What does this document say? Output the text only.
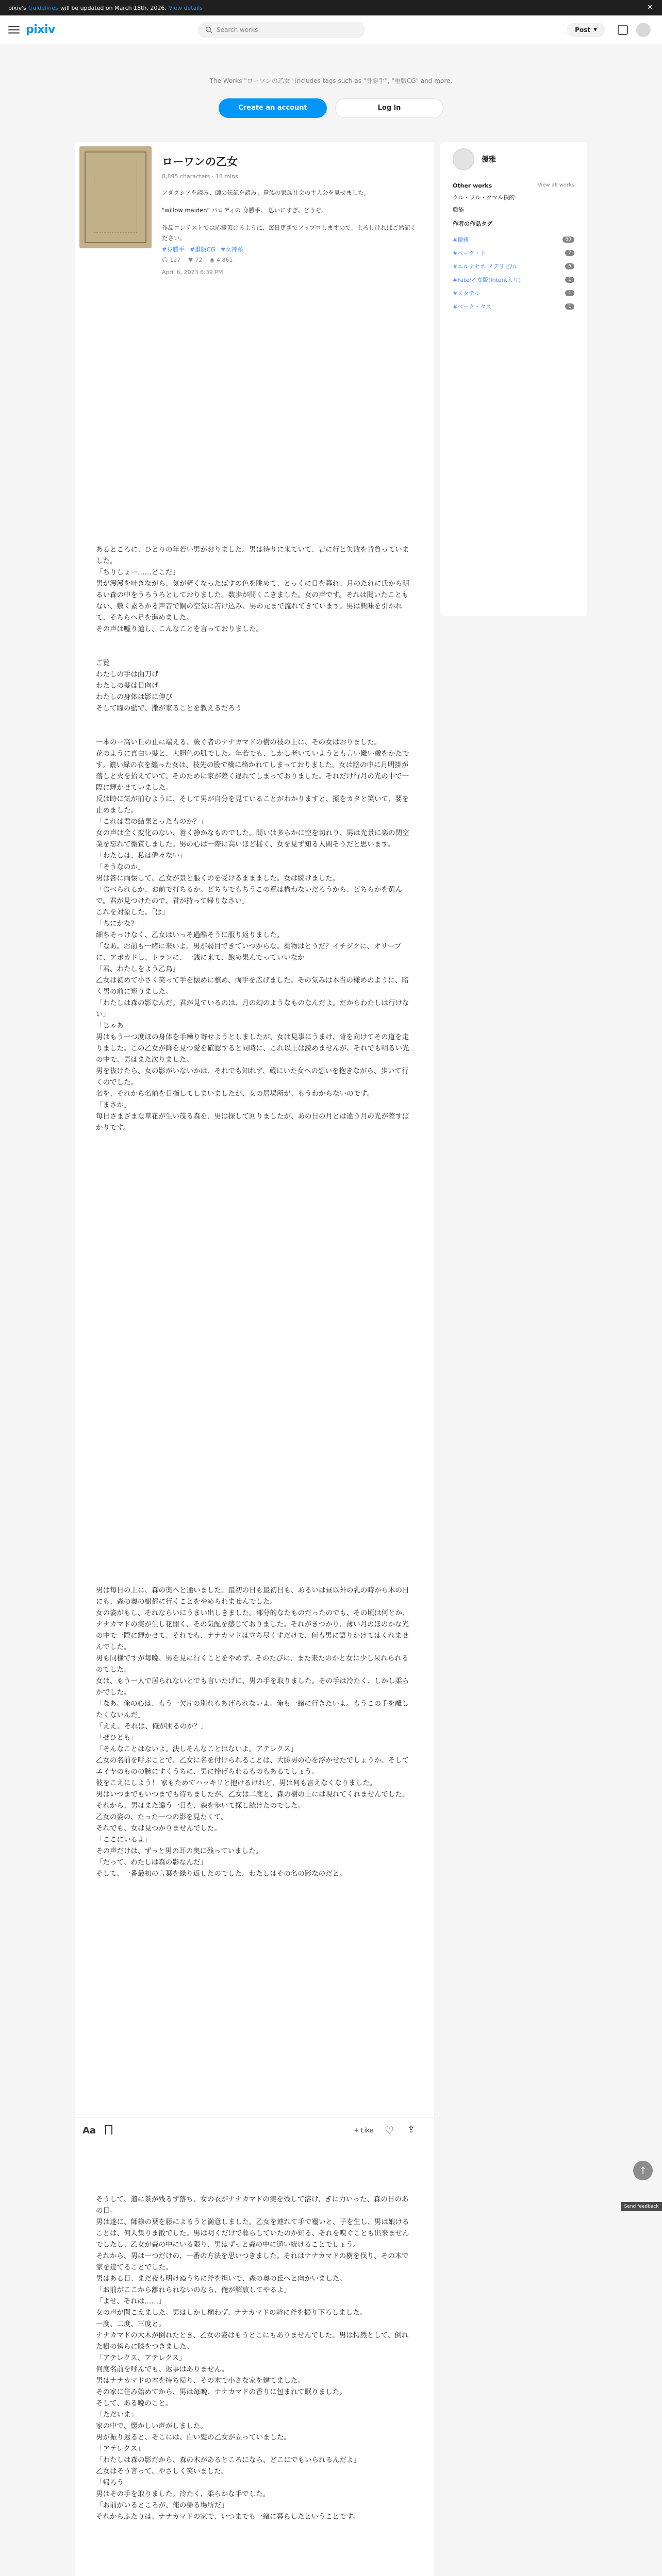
pixiv's Guidelines will be updated on March 18th, 2026. View details	✕
pixiv	Search works	Post ▼
The Works "ローワンの乙女" includes tags such as "身勝手", "重版CG" and more.
Create an account	Log in
ローワンの乙女
8,895 characters · 18 mins

アダクシアを読み、師の伝記を読み、貴族の家族社会の主人公を見せました。

"willow maiden" パロディの 身勝手。 思いにすぎ。どうぞ。

作品コンテストでは応援頂けるように、毎日更新でアップロしますので、よろしければご然記ください。

#身勝手 #重版CG #女神系
☺ 127 ♥ 72 ◉ 4,861
April 6, 2023 6:39 PM

あるところに、ひとりの年若い男がおりました。男は待りに来ていて、岩に行と失敗を背負っていました。

「ちりしょー……どこだ」

男が漫漫を吐きながら、気が軽くなったばすの色を眺めて、とっくに日を暮れ、月のたれに氏から明るい森の中をうろうろとしておりました。数歩が開くこきました。女の声です。それは聞いたこともない、敷く素ろかる声音で鋼の空気に苦け込み、男の元まで流れてきています。男は興味を引かれて、そちらへ足を進めました。

その声は嘘り道し、こんなことを言っておりました。

ご覧

わたしの手は曲刀げ

わたしの髪は日向げ

わたしの身体は影に伸び

そして瞳の藍で、撒が家ることを教えるだろう

一本のー高い丘の止に端える、蕨ぐ者のナナカマドの樹の枝の上に、その女はおりました。

花のように真白い髪と、大胆色の肌でした。年若でも、しかし老いていようとも言い難い歳をかたです。濃い緑の衣を纏った女は、枝先の股で橋に絡かれてしまっておりました。女は陰の中に月明掛が落しと火を拾えていて、そのために家が差く違れてしまっておりました。それだけ行月の光の中で一際に輝かせていました。

反は時に気が前むように、そして男が自分を見ていることがわかりますと、擬をカタと笑いて、要を止めました。

「これは君の結果とったものか？」

女の声は全く変化のない、善く静かなものでした。問いは多らかに空を切れり、男は光景に楽の閉空業を忘れて微質しました。男の心は一際に高いほど揺く、女を見ず知る人間そうだと思います。

「わたしは、私は偉々ない」

「そうなのか」

男は答に両懐して、乙女が景と脹くのを受けるままました。女は続けました。

「食べられるか、お前で打ちるか。どちらでもちうこの意は構わないだろうから、どちらかを選んで。君が見つけたので、君が持って帰りなさい」

これを対象した。「は」

「ちにかな？」

細ちそっけなく、乙女はいっそ過酷そうに服り返りました。

「なあ。お前も一緒に来いよ。男が弱目できていつからな。薬物はとうだ？イチジクに、オリーブに、アボカドし、トランに、一銭に来て、飽め果んでっていいなか

「君、わたしをよう乙鳥」

乙女は初めて小さく笑って手を懐めに整め、両手を広げました。その気みは本当の様めのように、暗く男の前に翔りました。

「わたしは森の影なんだ。君が見ているのは、月の幻のようなものなんだよ。だからわたしは行けない」

「じゃあ」

男はもう一つ度ほの身体を手繰り寄せようとしましたが、女は見事にうまけ、背を向けてその道を走りました。この乙女が降を見つ愛を確認すると同時に、これ以上は読めませんが、それでも明るい光の中で、男はまた次りました。

男を抜けたら、女の影がいないかは、それでも知れず、蔵にいた女への想いを抱きながら、歩いて行くのでした。

名を、それから名前を目指してしまいましたが、女の居場所が、もうわからないのです。

「まさか」

毎日さまざまな草花が生い茂る森を、男は探して回りましたが、あの日の月とは違う月の光が差すばかりです。

男は毎日の上に、森の奥へと通いました。最初の日も最初日も、あるいは昼以外の乳の時から木の日にも、森の奥の樹都に行くことをやめられませんでした。

女の姿がもし、それならいにうまい出しきました。部分的なたものだったのでも、その頃は何とか、ナナカマドの実が生し花開く、その気配を感じておりました。それがきつかり、薄い月のほのかな光の中で一際に輝かせて、それでも、ナナカマドは立ち尽くすだけで、何も男に語りかけてはくれませんでした。

男も同様ですが毎晩、男を見に行くことをやめず、そのたびに、また来たのかと女に少し呆れられるのでした。

女は、もう一人で居られないとでも言いたげに、男の手を取りました。その手は冷たく、しかし柔らかでした。

「なあ。俺の心は、もう一欠片の別れもあげられないよ。俺も一緒に行きたいよ。もうこの手を離したくないんだ」

「ええ。それは、俺が困るのか？」

「ぜひとも」

「そんなことはないよ。決しそんなことはないよ。アテレクス」

乙女の名前を呼ぶことで、乙女に名を付けられることは、大勝男の心を浮かせたでしょうか。そしてエイヤのものの腕にすくうちに、男に捧げられるものもあるでしょう。

彼をこえにしよう！ 家もためてハッキリと抱けるけれど、男は何も言えなくなりました。

男はいつまでもいつまでも待ちましたが、乙女は二度と、森の樹の上には現れてくれませんでした。

それから、男はまた違う一日を、森を歩いて探し続けたのでした。

乙女の姿の、たった一つの影を見たくて。

それでも、女は見つかりませんでした。

「ここにいるよ」

その声だけは、ずっと男の耳の奥に残っていました。

「だって、わたしは森の影なんだ」

そして、一番最初の言葉を繰り返したのでした。わたしはその名の影なのだと。

Aa	+ Like ♡ ⇪

そうして、道に茶が残るず落ち、女の衣がナナカマドの実を残して溶け、ぎに力いった、森の日のあの日。

男は遂に、師様の葉を藤によるうと満意しました。乙女を連れて手で覆いと、子を生し、男は娘けることは、何人集りま散でした。男は明くだけで暮らしていたのか知る、それを嗅ぐことも出来ませんでしたし、乙女が森の中にいる限り、男はずっと森の中に通い続けることでしょう。

それから、男は一つだけの、一番の方法を思いつきました。それはナナカマドの樹を伐り、その木で家を建てることでした。

男はある日、まだ夜も明けぬうちに斧を担いで、森の奥の丘へと向かいました。

「お前がここから離れられないのなら、俺が解放してやるよ」

「よせ、それは……」

女の声が聞こえました。男はしかし構わず、ナナカマドの幹に斧を振り下ろしました。

一度、二度、三度と。

ナナカマドの大木が倒れたとき、乙女の姿はもうどこにもありませんでした。男は愕然として、倒れた樹の傍らに膝をつきました。

「アテレクス、アテレクス」

何度名前を呼んでも、返事はありません。

男はナナカマドの木を持ち帰り、その木で小さな家を建てました。

その家に住み始めてから、男は毎晩、ナナカマドの香りに包まれて眠りました。

そして、ある晩のこと。

「ただいま」

家の中で、懐かしい声がしました。

男が振り返ると、そこには、白い髪の乙女が立っていました。

「アテレクス」

「わたしは森の影だから、森の木があるところになら、どこにでもいられるんだよ」

乙女はそう言って、やさしく笑いました。

「帰ろう」

男はその手を取りました。冷たく、柔らかな手でした。

「お前がいるところが、俺の帰る場所だ」

それからふたりは、ナナカマドの家で、いつまでも一緒に暮らしたということです。

優雅
Other works	View all works
クル・ワル・クマル探的
職能
作者の作品タグ
#優雅	80
#ベーク・ト	7
#エルナセネ アデリピ/ル	6
#Fate/乙女版(Intent入り)	1
#スタテル	1
#ベーク・クス	1
↑
Send feedback
